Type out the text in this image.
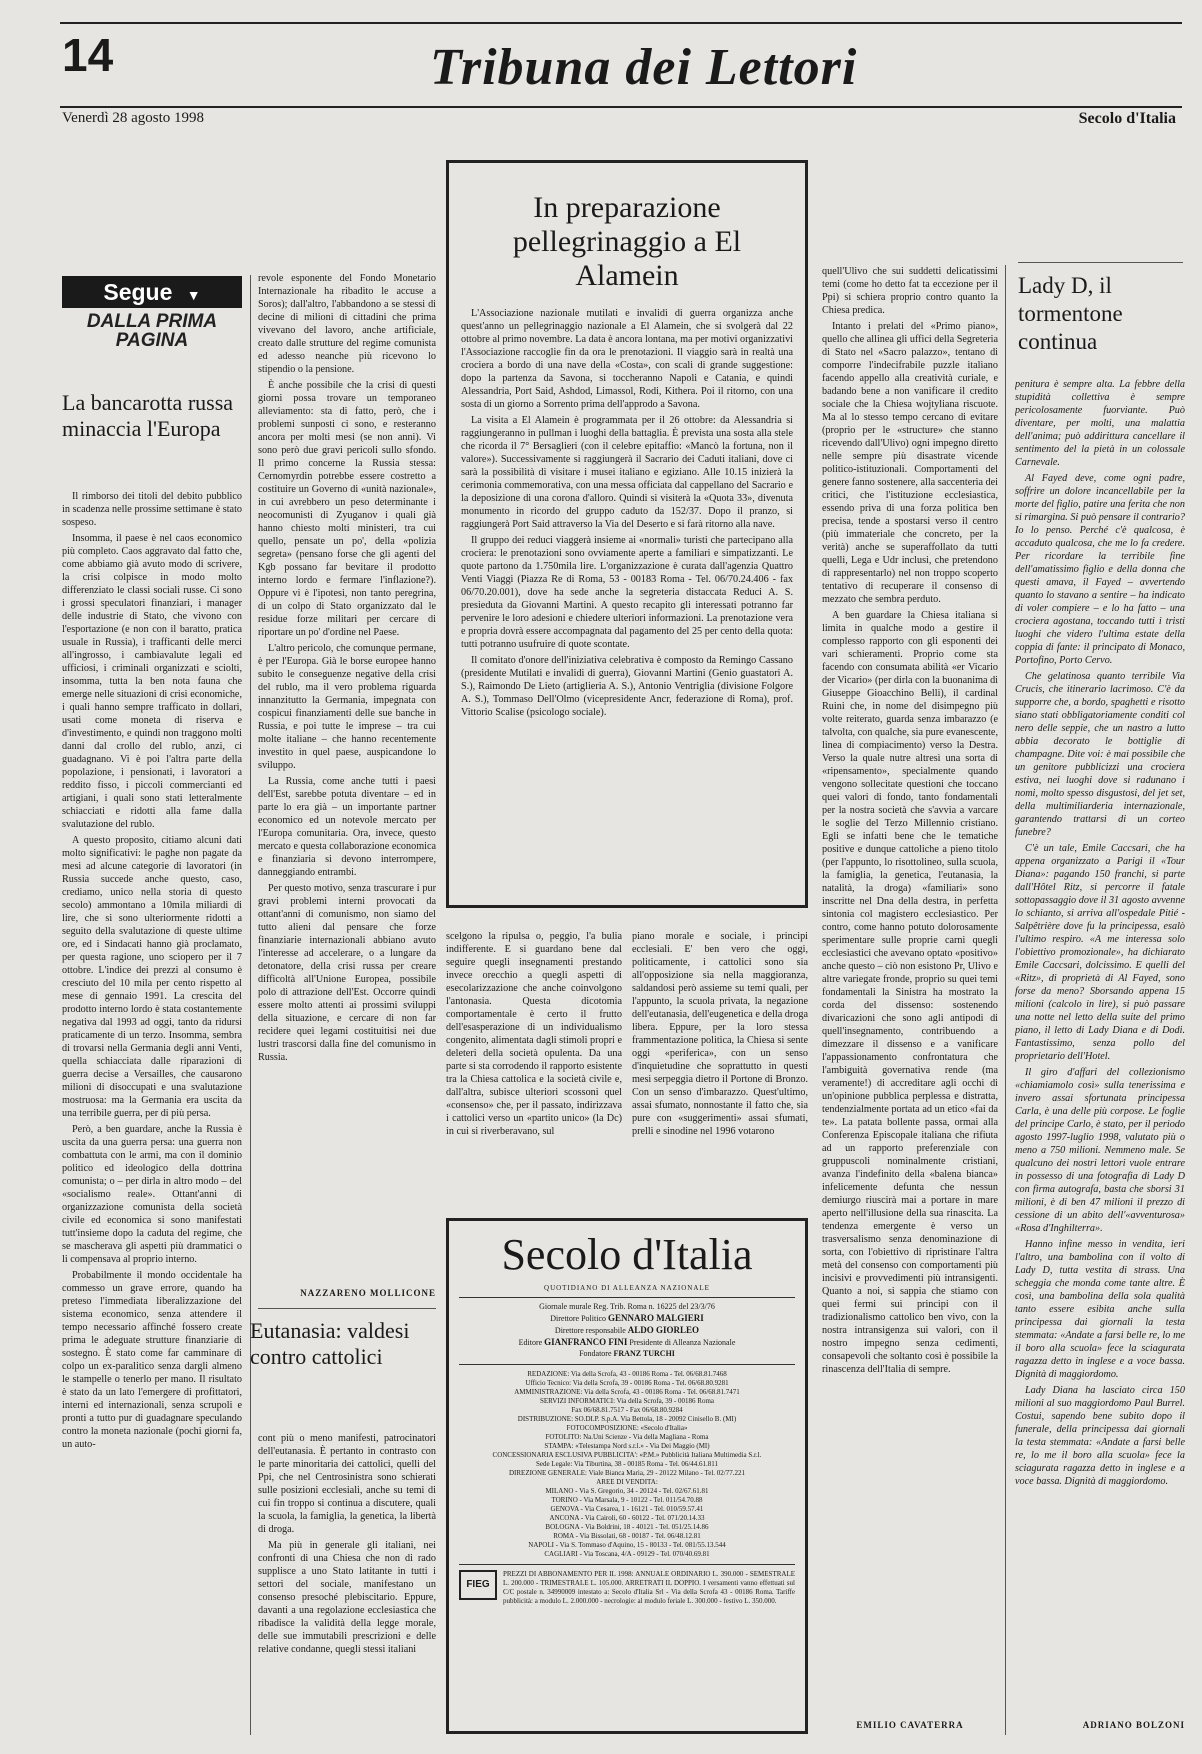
14	Tribuna dei Lettori
Venerdì 28 agosto 1998	Secolo d'Italia
Segue ▼
DALLA PRIMA PAGINA
La bancarotta russa minaccia l'Europa

Il rimborso dei titoli del debito pubblico in scadenza nelle prossime settimane è stato sospeso.

Insomma, il paese è nel caos economico più completo. Caos aggravato dal fatto che, come abbiamo già avuto modo di scrivere, la crisi colpisce in modo molto differenziato le classi sociali russe. Ci sono i grossi speculatori finanziari, i manager delle industrie di Stato, che vivono con l'esportazione (e non con il baratto, pratica usuale in Russia), i trafficanti delle merci all'ingrosso, i cambiavalute legali ed ufficiosi, i criminali organizzati e sciolti, insomma, tutta la ben nota fauna che emerge nelle situazioni di crisi economiche, i quali hanno sempre trafficato in dollari, usati come moneta di riserva e d'investimento, e quindi non traggono molti danni dal crollo del rublo, anzi, ci guadagnano. Vi è poi l'altra parte della popolazione, i pensionati, i lavoratori a reddito fisso, i piccoli commercianti ed artigiani, i quali sono stati letteralmente schiacciati e ridotti alla fame dalla svalutazione del rublo.

A questo proposito, citiamo alcuni dati molto significativi: le paghe non pagate da mesi ad alcune categorie di lavoratori (in Russia succede anche questo, caso, crediamo, unico nella storia di questo secolo) ammontano a 10mila miliardi di lire, che si sono ulteriormente ridotti a seguito della svalutazione di queste ultime ore, ed i Sindacati hanno già proclamato, per questa ragione, uno sciopero per il 7 ottobre. L'indice dei prezzi al consumo è cresciuto del 10 mila per cento rispetto al mese di gennaio 1991. La crescita del prodotto interno lordo è stata costantemente negativa dal 1993 ad oggi, tanto da ridursi praticamente di un terzo. Insomma, sembra di trovarsi nella Germania degli anni Venti, quella schiacciata dalle riparazioni di guerra decise a Versailles, che causarono milioni di disoccupati e una svalutazione mostruosa: ma la Germania era uscita da una terribile guerra, per di più persa.

Però, a ben guardare, anche la Russia è uscita da una guerra persa: una guerra non combattuta con le armi, ma con il dominio politico ed ideologico della dottrina comunista; o – per dirla in altro modo – del «socialismo reale». Ottant'anni di organizzazione comunista della società civile ed economica si sono manifestati tutt'insieme dopo la caduta del regime, che se mascherava gli aspetti più drammatici o li compensava al proprio interno.

Probabilmente il mondo occidentale ha commesso un grave errore, quando ha preteso l'immediata liberalizzazione del sistema economico, senza attendere il tempo necessario affinché fossero create prima le adeguate strutture finanziarie di sostegno. È stato come far camminare di colpo un ex-paralitico senza dargli almeno le stampelle o tenerlo per mano. Il risultato è stato da un lato l'emergere di profittatori, interni ed internazionali, senza scrupoli e pronti a tutto pur di guadagnare speculando contro la moneta nazionale (pochi giorni fa, un auto-

revole esponente del Fondo Monetario Internazionale ha ribadito le accuse a Soros); dall'altro, l'abbandono a se stessi di decine di milioni di cittadini che prima vivevano del lavoro, anche artificiale, creato dalle strutture del regime comunista ed adesso neanche più ricevono lo stipendio o la pensione.

È anche possibile che la crisi di questi giorni possa trovare un temporaneo alleviamento: sta di fatto, però, che i problemi sunposti ci sono, e resteranno ancora per molti mesi (se non anni). Vi sono però due gravi pericoli sullo sfondo. Il primo concerne la Russia stessa: Cernomyrdin potrebbe essere costretto a costituire un Governo di «unità nazionale», in cui avrebbero un peso determinante i neocomunisti di Zyuganov i quali già hanno chiesto molti ministeri, tra cui quello, pensate un po', della «polizia segreta» (pensano forse che gli agenti del Kgb possano far bevitare il prodotto interno lordo e fermare l'inflazione?). Oppure vi è l'ipotesi, non tanto peregrina, di un colpo di Stato organizzato dal le residue forze militari per cercare di riportare un po' d'ordine nel Paese.

L'altro pericolo, che comunque permane, è per l'Europa. Già le borse europee hanno subito le conseguenze negative della crisi del rublo, ma il vero problema riguarda innanzitutto la Germania, impegnata con cospicui finanziamenti delle sue banche in Russia, e poi tutte le imprese – tra cui molte italiane – che hanno recentemente investito in quel paese, auspicandone lo sviluppo.

La Russia, come anche tutti i paesi dell'Est, sarebbe potuta diventare – ed in parte lo era già – un importante partner economico ed un notevole mercato per l'Europa comunitaria. Ora, invece, questo mercato e questa collaborazione economica e finanziaria si devono interrompere, danneggiando entrambi.

Per questo motivo, senza trascurare i pur gravi problemi interni provocati da ottant'anni di comunismo, non siamo del tutto alieni dal pensare che forze finanziarie internazionali abbiano avuto l'interesse ad accelerare, o a lungare da detonatore, della crisi russa per creare difficoltà all'Unione Europea, possibile polo di attrazione dell'Est. Occorre quindi essere molto attenti ai prossimi sviluppi della situazione, e cercare di non far recidere quei legami costituitisi nei due lustri trascorsi dalla fine del comunismo in Russia.

NAZZARENO MOLLICONE
Eutanasia: valdesi contro cattolici

cont più o meno manifesti, patrocinatori dell'eutanasia. È pertanto in contrasto con le parte minoritaria dei cattolici, quelli del Ppi, che nel Centrosinistra sono schierati sulle posizioni ecclesiali, anche su temi di cui fin troppo si continua a discutere, quali la scuola, la famiglia, la genetica, la libertà di droga.

Ma più in generale gli italiani, nei confronti di una Chiesa che non di rado supplisce a uno Stato latitante in tutti i settori del sociale, manifestano un consenso presoché plebiscitario. Eppure, davanti a una regolazione ecclesiastica che ribadisce la validità della legge morale, delle sue immutabili prescrizioni e delle relative condanne, quegli stessi italiani

In preparazione pellegrinaggio a El Alamein

L'Associazione nazionale mutilati e invalidi di guerra organizza anche quest'anno un pellegrinaggio nazionale a El Alamein, che si svolgerà dal 22 ottobre al primo novembre. La data è ancora lontana, ma per motivi organizzativi l'Associazione raccoglie fin da ora le prenotazioni. Il viaggio sarà in realtà una crociera a bordo di una nave della «Costa», con scali di grande suggestione: dopo la partenza da Savona, si toccheranno Napoli e Catania, e quindi Alessandria, Port Said, Ashdod, Limassol, Rodi, Kithera. Poi il ritorno, con una sosta di un giorno a Sorrento prima dell'approdo a Savona.

La visita a El Alamein è programmata per il 26 ottobre: da Alessandria si raggiungeranno in pullman i luoghi della battaglia. È prevista una sosta alla stele che ricorda il 7° Bersaglieri (con il celebre epitaffio: «Mancò la fortuna, non il valore»). Successivamente si raggiungerà il Sacrario dei Caduti italiani, dove ci sarà la possibilità di visitare i musei italiano e egiziano. Alle 10.15 inizierà la cerimonia commemorativa, con una messa officiata dal cappellano del Sacrario e la deposizione di una corona d'alloro. Quindi si visiterà la «Quota 33», divenuta monumento in ricordo del gruppo caduto da 152/37. Dopo il pranzo, si raggiungerà Port Said attraverso la Via del Deserto e si farà ritorno alla nave.

Il gruppo dei reduci viaggerà insieme ai «normali» turisti che partecipano alla crociera: le prenotazioni sono ovviamente aperte a familiari e simpatizzanti. Le quote partono da 1.750mila lire. L'organizzazione è curata dall'agenzia Quattro Venti Viaggi (Piazza Re di Roma, 53 - 00183 Roma - Tel. 06/70.24.406 - fax 06/70.20.001), dove ha sede anche la segreteria distaccata Reduci A. S. presieduta da Giovanni Martini. A questo recapito gli interessati potranno far pervenire le loro adesioni e chiedere ulteriori informazioni. La prenotazione vera e propria dovrà essere accompagnata dal pagamento del 25 per cento della quota: tutti potranno usufruire di quote scontate.

Il comitato d'onore dell'iniziativa celebrativa è composto da Remingo Cassano (presidente Mutilati e invalidi di guerra), Giovanni Martini (Genio guastatori A. S.), Raimondo De Lieto (artiglieria A. S.), Antonio Ventriglia (divisione Folgore A. S.), Tommaso Dell'Olmo (vicepresidente Ancr, federazione di Roma), prof. Vittorio Scalise (psicologo sociale).

scelgono la ripulsa o, peggio, l'a bulia indifferente. E si guardano bene dal seguire quegli insegnamenti prestando invece orecchio a quegli aspetti di esecolarizzazione che anche coinvolgono l'antonasia. Questa dicotomia comportamentale è certo il frutto dell'esasperazione di un individualismo congenito, alimentata dagli stimoli propri e deleteri della società opulenta. Da una parte si sta corrodendo il rapporto esistente tra la Chiesa cattolica e la società civile e, dall'altra, subisce ulteriori scossoni quel «consenso» che, per il passato, indirizzava i cattolici verso un «partito unico» (la Dc) in cui si riverberavano, sul

piano morale e sociale, i principi ecclesiali. E' ben vero che oggi, politicamente, i cattolici sono sia all'opposizione sia nella maggioranza, saldandosi però assieme su temi quali, per l'appunto, la scuola privata, la negazione dell'eutanasia, dell'eugenetica e della droga libera. Eppure, per la loro stessa frammentazione politica, la Chiesa si sente oggi «periferica», con un senso d'inquietudine che soprattutto in questi mesi serpeggia dietro il Portone di Bronzo. Con un senso d'imbarazzo. Quest'ultimo, assai sfumato, nonnostante il fatto che, sia pure con «suggerimenti» assai sfumati, prelli e sinodine nel 1996 votarono

quell'Ulivo che sui suddetti delicatissimi temi (come ho detto fat ta eccezione per il Ppi) si schiera proprio contro quanto la Chiesa predica.

Intanto i prelati del «Primo piano», quello che allinea gli uffici della Segreteria di Stato nel «Sacro palazzo», tentano di comporre l'indecifrabile puzzle italiano facendo appello alla creatività curiale, e badando bene a non vanificare il credito sociale che la Chiesa wojtyliana riscuote. Ma al lo stesso tempo cercano di evitare (proprio per le «structure» che stanno ricevendo dall'Ulivo) ogni impegno diretto nelle sempre più disastrate vicende politico-istituzionali. Comportamenti del genere fanno sostenere, alla saccenteria dei critici, che l'istituzione ecclesiastica, essendo priva di una forza politica ben precisa, tende a spostarsi verso il centro (più immateriale che concreto, per la verità) anche se superaffollato da tutti quelli, Lega e Udr inclusi, che pretendono di rappresentarlo) nel non troppo scoperto tentativo di recuperare il consenso di mezzato che sembra perduto.

A ben guardare la Chiesa italiana si limita in qualche modo a gestire il complesso rapporto con gli esponenti dei vari schieramenti. Proprio come sta facendo con consumata abilità «er Vicario der Vicario» (per dirla con la buonanima di Giuseppe Gioacchino Belli), il cardinal Ruini che, in nome del disimpegno più volte reiterato, guarda senza imbarazzo (e talvolta, con qualche, sia pure evanescente, linea di compiacimento) verso la Destra. Verso la quale nutre altresì una sorta di «ripensamento», specialmente quando vengono sollecitate questioni che toccano quei valori di fondo, tanto fondamentali per la nostra società che s'avvia a varcare le soglie del Terzo Millennio cristiano. Egli se infatti bene che le tematiche positive e dunque cattoliche a pieno titolo (per l'appunto, lo risottolineo, sulla scuola, la famiglia, la genetica, l'eutanasia, la natalità, la droga) «familiari» sono inscritte nel Dna della destra, in perfetta sintonia col magistero ecclesiastico. Per contro, come hanno potuto dolorosamente sperimentare sulle proprie carni quegli ecclesiastici che avevano optato «positivo» anche questo – ciò non esistono Pr, Ulivo e altre variegate fronde, proprio su quei temi fondamentali la Sinistra ha mostrato la corda del dissenso: sostenendo divaricazioni che sono agli antipodi di quell'insegnamento, contribuendo a dimezzare il dissenso e a vanificare l'appassionamento confrontatura che l'ambiguità governativa rende (ma veramente!) di accreditare agli occhi di un'opinione pubblica perplessa e distratta, tendenzialmente portata ad un etico «fai da te». La patata bollente passa, ormai alla Conferenza Episcopale italiana che rifiuta ad un rapporto preferenziale con gruppuscoli nominalmente cristiani, avanza l'indefinito della «balena bianca» infelicemente defunta che nessun demiurgo riuscirà mai a portare in mare aperto nell'illusione della sua rinascita. La tendenza emergente è verso un trasversalismo senza denominazione di sorta, con l'obiettivo di ripristinare l'altra metà del consenso con comportamenti più incisivi e provvedimenti più intransigenti. Quanto a noi, si sappia che stiamo con quei fermi sui principi con il tradizionalismo cattolico ben vivo, con la nostra intransigenza sui valori, con il nostro impegno senza cedimenti, consapevoli che soltanto così è possibile la rinascenza dell'Italia di sempre.

EMILIO CAVATERRA
Secolo d'Italia
QUOTIDIANO DI ALLEANZA NAZIONALE
Giornale murale Reg. Trib. Roma n. 16225 del 23/3/76
Direttore Politico GENNARO MALGIERI
Direttore responsabile ALDO GIORLEO
Editore GIANFRANCO FINI Presidente di Alleanza Nazionale
Fondatore FRANZ TURCHI
REDAZIONE: Via della Scrofa, 43 - 00186 Roma - Tel. 06/68.81.7468
Ufficio Tecnico: Via della Scrofa, 39 - 00186 Roma - Tel. 06/68.80.9281
AMMINISTRAZIONE: Via della Scrofa, 43 - 00186 Roma - Tel. 06/68.81.7471
SERVIZI INFORMATICI: Via della Scrofa, 39 - 00186 Roma
Fax 06/68.81.7517 - Fax 06/68.80.9284
DISTRIBUZIONE: SO.DI.P. S.p.A. Via Bettola, 18 - 20092 Cinisello B. (MI)
FOTOCOMPOSIZIONE: «Secolo d'Italia»
FOTOLITO: Na.Uni Scienze - Via della Magliana - Roma
STAMPA: «Telestampa Nord s.r.l.» - Via Dei Maggio (MI)
CONCESSIONARIA ESCLUSIVA PUBBLICITA': «P.M.» Pubblicità Italiana Multimedia S.r.l.
Sede Legale: Via Tiburtina, 38 - 00185 Roma - Tel. 06/44.61.811
DIREZIONE GENERALE: Viale Bianca Maria, 29 - 20122 Milano - Tel. 02/77.221
AREE DI VENDITA:
MILANO - Via S. Gregorio, 34 - 20124 - Tel. 02/67.61.81
TORINO - Via Marsala, 9 - 10122 - Tel. 011/54.70.88
GENOVA - Via Cesarea, 1 - 16121 - Tel. 010/59.57.41
ANCONA - Via Cairoli, 60 - 60122 - Tel. 071/20.14.33
BOLOGNA - Via Boldrini, 18 - 40121 - Tel. 051/25.14.86
ROMA - Via Bissolati, 68 - 00187 - Tel. 06/48.12.81
NAPOLI - Via S. Tommaso d'Aquino, 15 - 80133 - Tel. 081/55.13.544
CAGLIARI - Via Toscana, 4/A - 09129 - Tel. 070/40.69.81
FIEG
PREZZI DI ABBONAMENTO PER IL 1998: ANNUALE ORDINARIO L. 390.000 - SEMESTRALE L. 200.000 - TRIMESTRALE L. 105.000. ARRETRATI IL DOPPIO. I versamenti vanno effettuati sul C/C postale n. 34990009 intestato a: Secolo d'Italia Srl - Via della Scrofa 43 - 00186 Roma. Tariffe pubblicità: a modulo L. 2.000.000 - necrologie: al modulo feriale L. 300.000 - festivo L. 350.000.
Lady D, il tormentone continua

penitura è sempre alta. La febbre della stupidità collettiva è sempre pericolosamente fuorviante. Può diventare, per molti, una malattia dell'anima; può addirittura cancellare il sentimento del la pietà in un colossale Carnevale.

Al Fayed deve, come ogni padre, soffrire un dolore incancellabile per la morte del figlio, patire una ferita che non si rimargina. Si può pensare il contrario? Io lo penso. Perché c'è qualcosa, è accaduto qualcosa, che me lo fa credere. Per ricordare la terribile fine dell'amatissimo figlio e della donna che questi amava, il Fayed – avvertendo quanto lo stavano a sentire – ha indicato di voler compiere – e lo ha fatto – una crociera agostana, toccando tutti i tristi luoghi che videro l'ultima estate della coppia di fante: il principato di Monaco, Portofino, Porto Cervo.

Che gelatinosa quanto terribile Via Crucis, che itinerario lacrimoso. C'è da supporre che, a bordo, spaghetti e risotto siano stati obbligatoriamente conditi col nero delle seppie, che un nastro a lutto abbia decorato le bottiglie di champagne. Dite voi: è mai possibile che un genitore pubblicizzi una crociera estiva, nei luoghi dove si radunano i nomi, molto spesso disgustosi, del jet set, della multimiliarderia internazionale, garantendo trattarsi di un corteo funebre?

C'è un tale, Emile Caccsari, che ha appena organizzato a Parigi il «Tour Diana»: pagando 150 franchi, si parte dall'Hôtel Ritz, si percorre il fatale sottopassaggio dove il 31 agosto avvenne lo schianto, si arriva all'ospedale Pitié - Salpêtrière dove fu la principessa, esalò l'ultimo respiro. «A me interessa solo l'obiettivo promozionale», ha dichiarato Emile Caccsari, dolcissimo. E quelli del «Ritz», di proprietà di Al Fayed, sono forse da meno? Sborsando appena 15 milioni (calcolo in lire), si può passare una notte nel letto della suite del primo piano, il letto di Lady Diana e di Dodi. Fantastissimo, senza pollo del proprietario dell'Hotel.

Il giro d'affari del collezionismo «chiamiamolo così» sulla tenerissima e invero assai sfortunata principessa Carla, è una delle più corpose. Le foglie del principe Carlo, è stato, per il periodo agosto 1997-luglio 1998, valutato più o meno a 750 milioni. Nemmeno male. Se qualcuno dei nostri lettori vuole entrare in possesso di una fotografia di Lady D con firma autografa, basta che sborsi 31 milioni, è di ben 47 milioni il prezzo di cessione di un abito dell'«avventurosa» «Rosa d'Inghilterra».

Hanno infine messo in vendita, ieri l'altro, una bambolina con il volto di Lady D, tutta vestita di strass. Una scheggia che monda come tante altre. È così, una bambolina della sola qualità tanto essere esibita anche sulla principessa dai giornali la testa stemmata: «Andate a farsi belle re, lo me il boro alla scuola» fece la sciagurata ragazza detto in inglese e a voce bassa. Dignità di maggiordomo.

Lady Diana ha lasciato circa 150 milioni al suo maggiordomo Paul Burrel. Costui, sapendo bene subito dopo il funerale, della principessa dai giornali la testa stemmata: «Andate a farsi belle re, lo me il boro alla scuola» fece la sciagurata ragazza detto in inglese e a voce bassa. Dignità di maggiordomo.

ADRIANO BOLZONI
